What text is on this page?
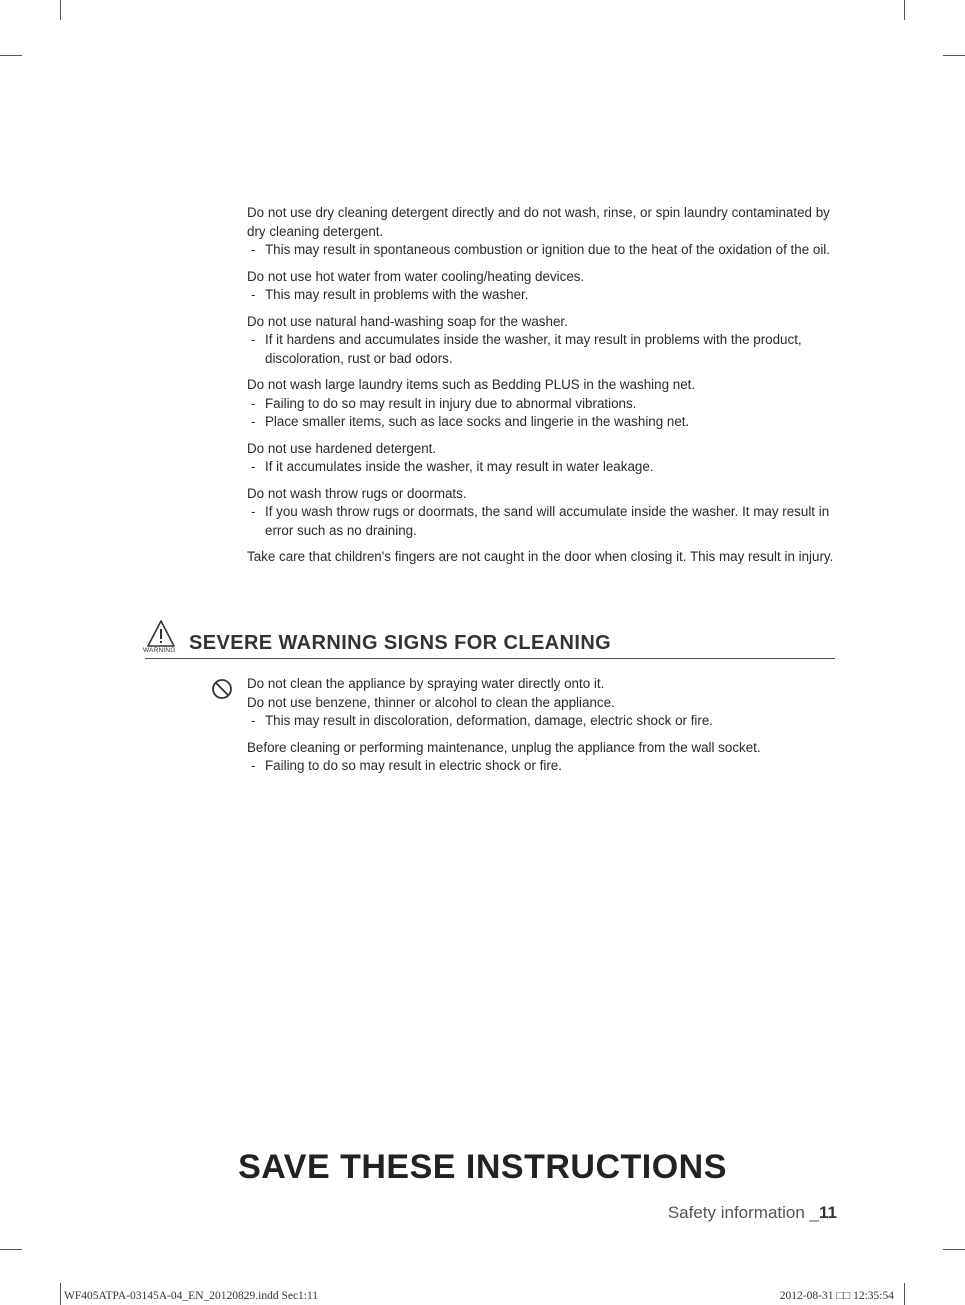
Do not use dry cleaning detergent directly and do not wash, rinse, or spin laundry contaminated by dry cleaning detergent.

- This may result in spontaneous combustion or ignition due to the heat of the oxidation of the oil.

Do not use hot water from water cooling/heating devices.

- This may result in problems with the washer.

Do not use natural hand-washing soap for the washer.

- If it hardens and accumulates inside the washer, it may result in problems with the product, discoloration, rust or bad odors.

Do not wash large laundry items such as Bedding PLUS in the washing net.

- Failing to do so may result in injury due to abnormal vibrations.

- Place smaller items, such as lace socks and lingerie in the washing net.

Do not use hardened detergent.

- If it accumulates inside the washer, it may result in water leakage.

Do not wash throw rugs or doormats.

- If you wash throw rugs or doormats, the sand will accumulate inside the washer. It may result in error such as no draining.

Take care that children's fingers are not caught in the door when closing it. This may result in injury.

WARNING SEVERE WARNING SIGNS FOR CLEANING

Do not clean the appliance by spraying water directly onto it.

Do not use benzene, thinner or alcohol to clean the appliance.

- This may result in discoloration, deformation, damage, electric shock or fire.

Before cleaning or performing maintenance, unplug the appliance from the wall socket.

- Failing to do so may result in electric shock or fire.

SAVE THESE INSTRUCTIONS
Safety information _11
WF405ATPA-03145A-04_EN_20120829.indd Sec1:11	2012-08-31 □□ 12:35:54
